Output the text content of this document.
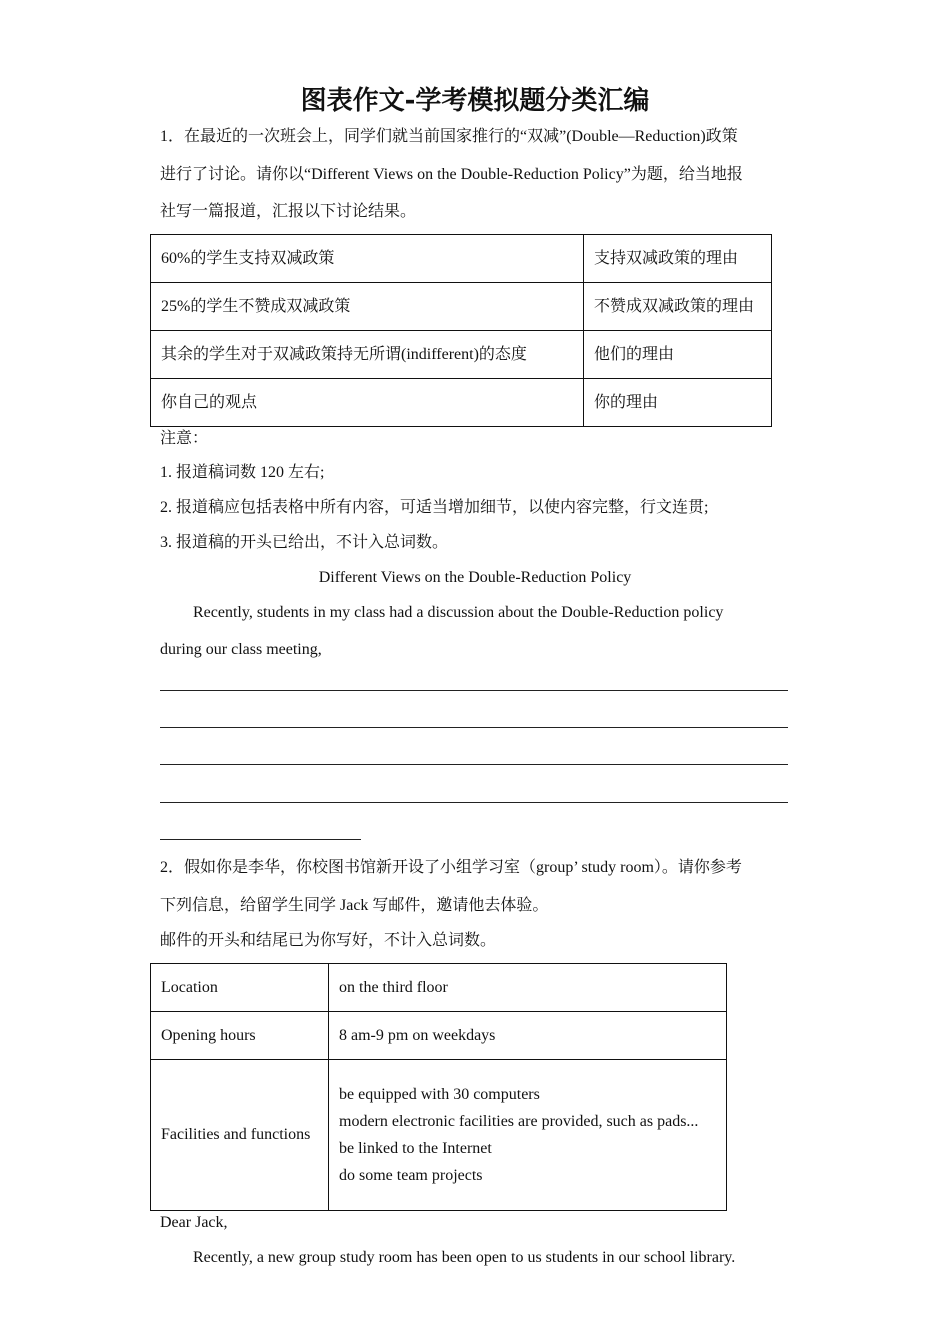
图表作文-学考模拟题分类汇编
1．在最近的一次班会上，同学们就当前国家推行的“双减”(Double—Reduction)政策
进行了讨论。请你以“Different Views on the Double-Reduction Policy”为题，给当地报
社写一篇报道，汇报以下讨论结果。
60%的学生支持双减政策	支持双减政策的理由

25%的学生不赞成双减政策	不赞成双减政策的理由

其余的学生对于双减政策持无所谓(indifferent)的态度	他们的理由

你自己的观点	你的理由
注意：
1. 报道稿词数 120 左右;
2. 报道稿应包括表格中所有内容，可适当增加细节，以使内容完整，行文连贯;
3. 报道稿的开头已给出，不计入总词数。
Different Views on the Double-Reduction Policy
Recently, students in my class had a discussion about the Double-Reduction policy
during our class meeting,
2．假如你是李华，你校图书馆新开设了小组学习室（group’ study room）。请你参考
下列信息，给留学生同学 Jack 写邮件，邀请他去体验。
邮件的开头和结尾已为你写好，不计入总词数。
Location	on the third floor

Opening hours	8 am-9 pm on weekdays

Facilities and functions	be equipped with 30 computers
modern electronic facilities are provided, such as pads...
be linked to the Internet
do some team projects
Dear Jack,
Recently, a new group study room has been open to us students in our school library.
